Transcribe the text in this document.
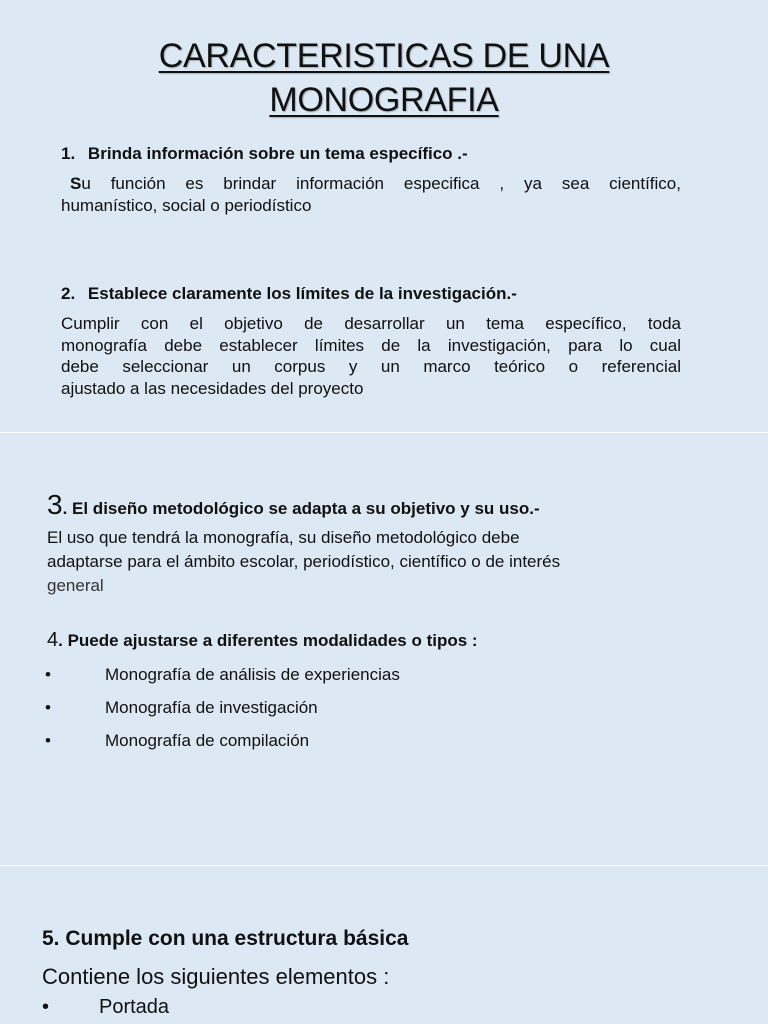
CARACTERISTICAS DE UNA
MONOGRAFIA
1. Brinda información sobre un tema específico .-
Su función es brindar información especifica , ya sea científico,
humanístico, social o periodístico
2. Establece claramente los límites de la investigación.-
Cumplir con el objetivo de desarrollar un tema específico, toda
monografía debe establecer límites de la investigación, para lo cual
debe seleccionar un corpus y un marco teórico o referencial
ajustado a las necesidades del proyecto
3. El diseño metodológico se adapta a su objetivo y su uso.-
El uso que tendrá la monografía, su diseño metodológico debe
adaptarse para el ámbito escolar, periodístico, científico o de interés
general
4. Puede ajustarse a diferentes modalidades o tipos :
•	Monografía de análisis de experiencias
•	Monografía de investigación
•	Monografía de compilación
5. Cumple con una estructura básica
Contiene los siguientes elementos :
• Portada
